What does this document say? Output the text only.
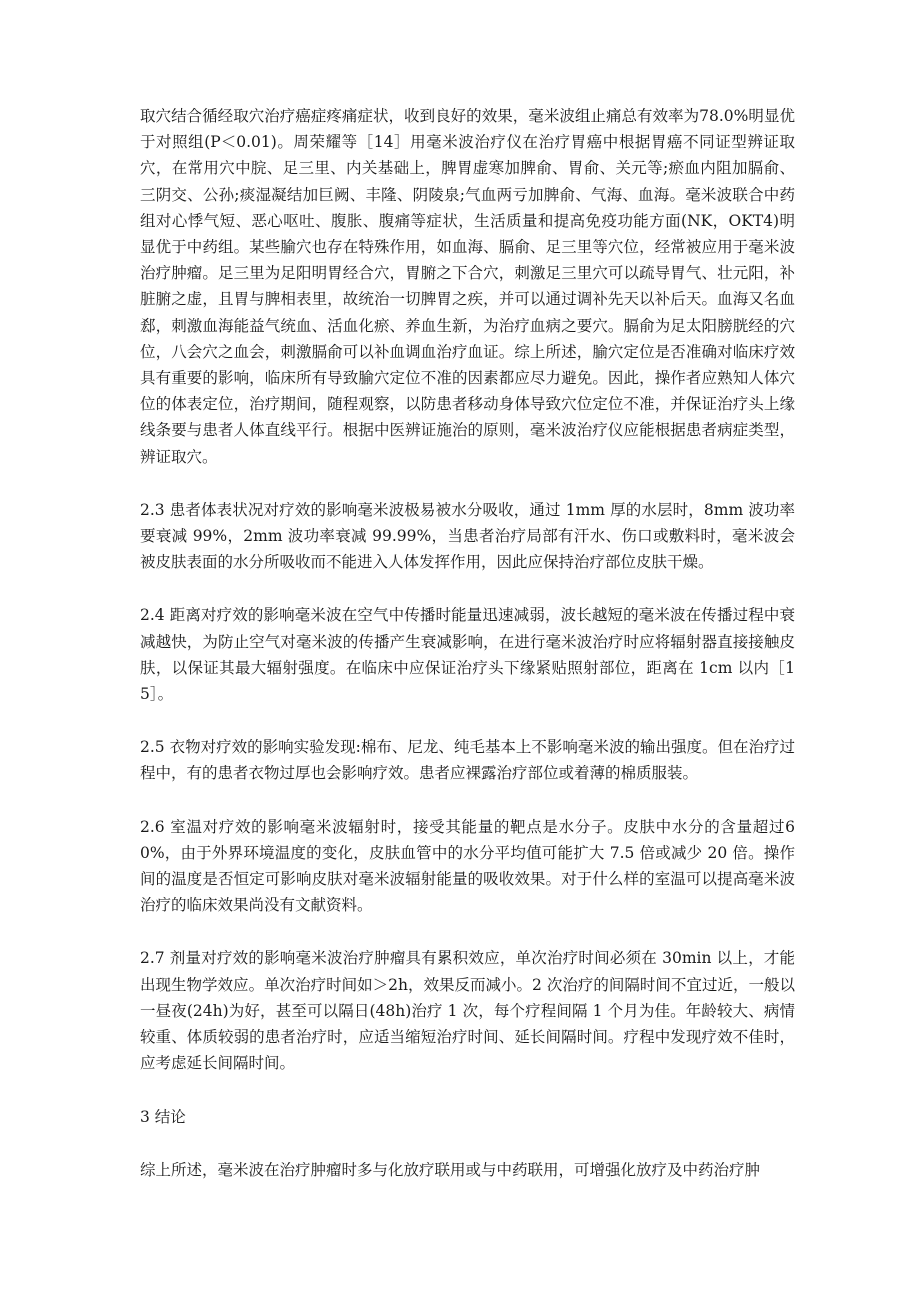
取穴结合循经取穴治疗癌症疼痛症状，收到良好的效果，毫米波组止痛总有效率为78.0%明显优于对照组(P＜0.01)。周荣耀等［14］用毫米波治疗仪在治疗胃癌中根据胃癌不同证型辨证取穴，在常用穴中脘、足三里、内关基础上，脾胃虚寒加脾俞、胃俞、关元等;瘀血内阻加膈俞、三阴交、公孙;痰湿凝结加巨阙、丰隆、阴陵泉;气血两亏加脾俞、气海、血海。毫米波联合中药组对心悸气短、恶心呕吐、腹胀、腹痛等症状，生活质量和提高免疫功能方面(NK，OKT4)明显优于中药组。某些腧穴也存在特殊作用，如血海、膈俞、足三里等穴位，经常被应用于毫米波治疗肿瘤。足三里为足阳明胃经合穴，胃腑之下合穴，刺激足三里穴可以疏导胃气、壮元阳，补脏腑之虚，且胃与脾相表里，故统治一切脾胃之疾，并可以通过调补先天以补后天。血海又名血郄，刺激血海能益气统血、活血化瘀、养血生新，为治疗血病之要穴。膈俞为足太阳膀胱经的穴位，八会穴之血会，刺激膈俞可以补血调血治疗血证。综上所述，腧穴定位是否准确对临床疗效具有重要的影响，临床所有导致腧穴定位不准的因素都应尽力避免。因此，操作者应熟知人体穴位的体表定位，治疗期间，随程观察，以防患者移动身体导致穴位定位不准，并保证治疗头上缘线条要与患者人体直线平行。根据中医辨证施治的原则，毫米波治疗仪应能根据患者病症类型，辨证取穴。

2.3 患者体表状况对疗效的影响毫米波极易被水分吸收，通过 1mm 厚的水层时，8mm 波功率要衰减 99%，2mm 波功率衰减 99.99%，当患者治疗局部有汗水、伤口或敷料时，毫米波会被皮肤表面的水分所吸收而不能进入人体发挥作用，因此应保持治疗部位皮肤干燥。

2.4 距离对疗效的影响毫米波在空气中传播时能量迅速减弱，波长越短的毫米波在传播过程中衰减越快，为防止空气对毫米波的传播产生衰减影响，在进行毫米波治疗时应将辐射器直接接触皮肤，以保证其最大辐射强度。在临床中应保证治疗头下缘紧贴照射部位，距离在 1cm 以内［15］。

2.5 衣物对疗效的影响实验发现:棉布、尼龙、纯毛基本上不影响毫米波的输出强度。但在治疗过程中，有的患者衣物过厚也会影响疗效。患者应裸露治疗部位或着薄的棉质服装。

2.6 室温对疗效的影响毫米波辐射时，接受其能量的靶点是水分子。皮肤中水分的含量超过60%，由于外界环境温度的变化，皮肤血管中的水分平均值可能扩大 7.5 倍或减少 20 倍。操作间的温度是否恒定可影响皮肤对毫米波辐射能量的吸收效果。对于什么样的室温可以提高毫米波治疗的临床效果尚没有文献资料。

2.7 剂量对疗效的影响毫米波治疗肿瘤具有累积效应，单次治疗时间必须在 30min 以上，才能出现生物学效应。单次治疗时间如＞2h，效果反而减小。2 次治疗的间隔时间不宜过近，一般以一昼夜(24h)为好，甚至可以隔日(48h)治疗 1 次，每个疗程间隔 1 个月为佳。年龄较大、病情较重、体质较弱的患者治疗时，应适当缩短治疗时间、延长间隔时间。疗程中发现疗效不佳时，应考虑延长间隔时间。

3 结论

综上所述，毫米波在治疗肿瘤时多与化放疗联用或与中药联用，可增强化放疗及中药治疗肿
